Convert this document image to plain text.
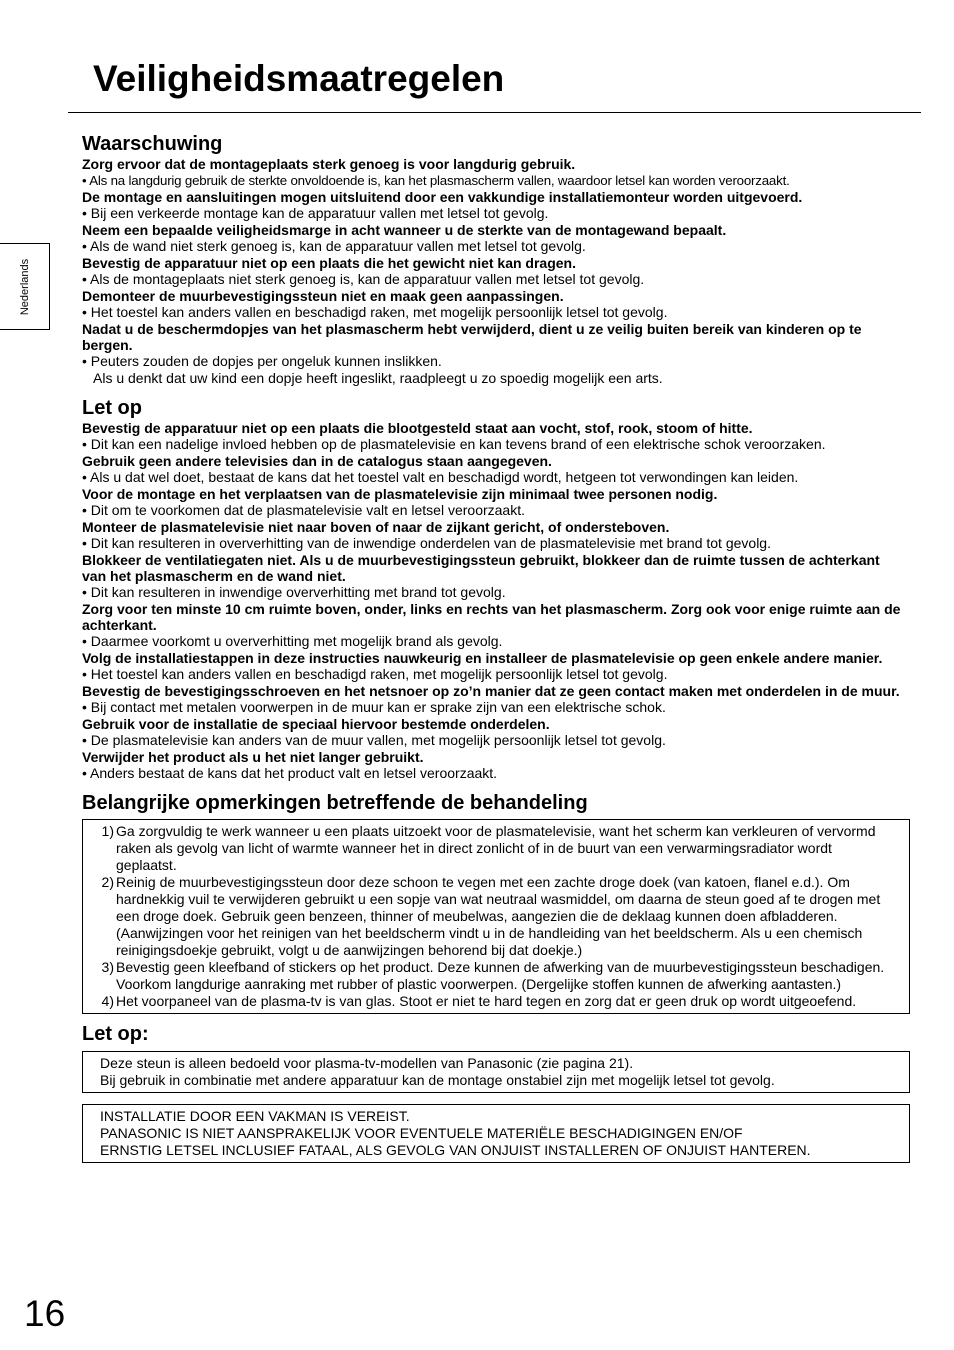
Veiligheidsmaatregelen
Nederlands
Waarschuwing
Zorg ervoor dat de montageplaats sterk genoeg is voor langdurig gebruik.
• Als na langdurig gebruik de sterkte onvoldoende is, kan het plasmascherm vallen, waardoor letsel kan worden veroorzaakt.
De montage en aansluitingen mogen uitsluitend door een vakkundige installatiemonteur worden uitgevoerd.
• Bij een verkeerde montage kan de apparatuur vallen met letsel tot gevolg.
Neem een bepaalde veiligheidsmarge in acht wanneer u de sterkte van de montagewand bepaalt.
• Als de wand niet sterk genoeg is, kan de apparatuur vallen met letsel tot gevolg.
Bevestig de apparatuur niet op een plaats die het gewicht niet kan dragen.
• Als de montageplaats niet sterk genoeg is, kan de apparatuur vallen met letsel tot gevolg.
Demonteer de muurbevestigingssteun niet en maak geen aanpassingen.
• Het toestel kan anders vallen en beschadigd raken, met mogelijk persoonlijk letsel tot gevolg.
Nadat u de beschermdopjes van het plasmascherm hebt verwijderd, dient u ze veilig buiten bereik van kinderen op te bergen.
• Peuters zouden de dopjes per ongeluk kunnen inslikken.
Als u denkt dat uw kind een dopje heeft ingeslikt, raadpleegt u zo spoedig mogelijk een arts.
Let op
Bevestig de apparatuur niet op een plaats die blootgesteld staat aan vocht, stof, rook, stoom of hitte.
• Dit kan een nadelige invloed hebben op de plasmatelevisie en kan tevens brand of een elektrische schok veroorzaken.
Gebruik geen andere televisies dan in de catalogus staan aangegeven.
• Als u dat wel doet, bestaat de kans dat het toestel valt en beschadigd wordt, hetgeen tot verwondingen kan leiden.
Voor de montage en het verplaatsen van de plasmatelevisie zijn minimaal twee personen nodig.
• Dit om te voorkomen dat de plasmatelevisie valt en letsel veroorzaakt.
Monteer de plasmatelevisie niet naar boven of naar de zijkant gericht, of ondersteboven.
• Dit kan resulteren in oververhitting van de inwendige onderdelen van de plasmatelevisie met brand tot gevolg.
Blokkeer de ventilatiegaten niet. Als u de muurbevestigingssteun gebruikt, blokkeer dan de ruimte tussen de achterkant van het plasmascherm en de wand niet.
• Dit kan resulteren in inwendige oververhitting met brand tot gevolg.
Zorg voor ten minste 10 cm ruimte boven, onder, links en rechts van het plasmascherm. Zorg ook voor enige ruimte aan de achterkant.
• Daarmee voorkomt u oververhitting met mogelijk brand als gevolg.
Volg de installatiestappen in deze instructies nauwkeurig en installeer de plasmatelevisie op geen enkele andere manier.
• Het toestel kan anders vallen en beschadigd raken, met mogelijk persoonlijk letsel tot gevolg.
Bevestig de bevestigingsschroeven en het netsnoer op zo’n manier dat ze geen contact maken met onderdelen in de muur.
• Bij contact met metalen voorwerpen in de muur kan er sprake zijn van een elektrische schok.
Gebruik voor de installatie de speciaal hiervoor bestemde onderdelen.
• De plasmatelevisie kan anders van de muur vallen, met mogelijk persoonlijk letsel tot gevolg.
Verwijder het product als u het niet langer gebruikt.
• Anders bestaat de kans dat het product valt en letsel veroorzaakt.
Belangrijke opmerkingen betreffende de behandeling
1) Ga zorgvuldig te werk wanneer u een plaats uitzoekt voor de plasmatelevisie, want het scherm kan verkleuren of vervormd raken als gevolg van licht of warmte wanneer het in direct zonlicht of in de buurt van een verwarmingsradiator wordt geplaatst.
2) Reinig de muurbevestigingssteun door deze schoon te vegen met een zachte droge doek (van katoen, flanel e.d.). Om hardnekkig vuil te verwijderen gebruikt u een sopje van wat neutraal wasmiddel, om daarna de steun goed af te drogen met een droge doek. Gebruik geen benzeen, thinner of meubelwas, aangezien die de deklaag kunnen doen afbladderen.
(Aanwijzingen voor het reinigen van het beeldscherm vindt u in de handleiding van het beeldscherm. Als u een chemisch reinigingsdoekje gebruikt, volgt u de aanwijzingen behorend bij dat doekje.)
3) Bevestig geen kleefband of stickers op het product. Deze kunnen de afwerking van de muurbevestigingssteun beschadigen. Voorkom langdurige aanraking met rubber of plastic voorwerpen. (Dergelijke stoffen kunnen de afwerking aantasten.)
4) Het voorpaneel van de plasma-tv is van glas. Stoot er niet te hard tegen en zorg dat er geen druk op wordt uitgeoefend.
Let op:
Deze steun is alleen bedoeld voor plasma-tv-modellen van Panasonic (zie pagina 21).
Bij gebruik in combinatie met andere apparatuur kan de montage onstabiel zijn met mogelijk letsel tot gevolg.
INSTALLATIE DOOR EEN VAKMAN IS VEREIST.
PANASONIC IS NIET AANSPRAKELIJK VOOR EVENTUELE MATERIËLE BESCHADIGINGEN EN/OF
ERNSTIG LETSEL INCLUSIEF FATAAL, ALS GEVOLG VAN ONJUIST INSTALLEREN OF ONJUIST HANTEREN.

16
